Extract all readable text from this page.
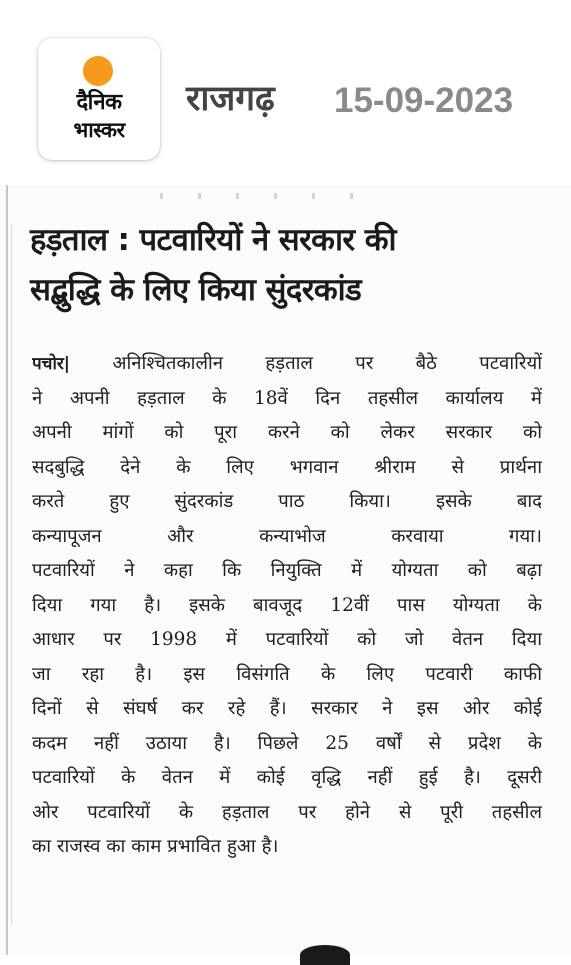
दैनिक
भास्कर
राजगढ़ 15-09-2023
हड़ताल : पटवारियों ने सरकार की
सद्बुद्धि के लिए किया सुंदरकांड
पचोर| अनिश्चितकालीन हड़ताल पर बैठे पटवारियों
ने अपनी हड़ताल के 18वें दिन तहसील कार्यालय में
अपनी मांगों को पूरा करने को लेकर सरकार को
सदबुद्धि देने के लिए भगवान श्रीराम से प्रार्थना
करते हुए सुंदरकांड पाठ किया। इसके बाद
कन्यापूजन और कन्याभोज करवाया गया।
पटवारियों ने कहा कि नियुक्ति में योग्यता को बढ़ा
दिया गया है। इसके बावजूद 12वीं पास योग्यता के
आधार पर 1998 में पटवारियों को जो वेतन दिया
जा रहा है। इस विसंगति के लिए पटवारी काफी
दिनों से संघर्ष कर रहे हैं। सरकार ने इस ओर कोई
कदम नहीं उठाया है। पिछले 25 वर्षों से प्रदेश के
पटवारियों के वेतन में कोई वृद्धि नहीं हुई है। दूसरी
ओर पटवारियों के हड़ताल पर होने से पूरी तहसील
का राजस्व का काम प्रभावित हुआ है।
